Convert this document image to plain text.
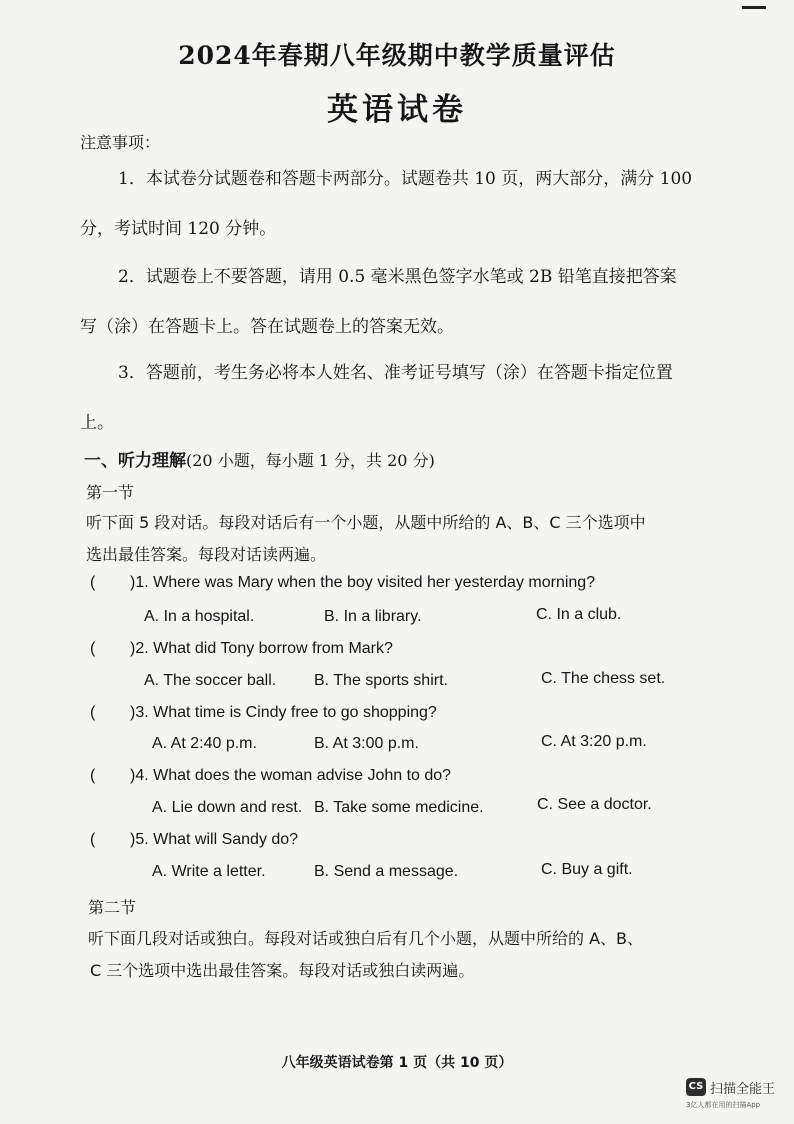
2024年春期八年级期中教学质量评估
英语试卷
注意事项：
1．本试卷分试题卷和答题卡两部分。试题卷共 10 页，两大部分，满分 100
分，考试时间 120 分钟。
2．试题卷上不要答题，请用 0.5 毫米黑色签字水笔或 2B 铅笔直接把答案
写（涂）在答题卡上。答在试题卷上的答案无效。
3．答题前，考生务必将本人姓名、准考证号填写（涂）在答题卡指定位置
上。
一、听力理解(20 小题，每小题 1 分，共 20 分)
第一节
听下面 5 段对话。每段对话后有一个小题，从题中所给的 A、B、C 三个选项中
选出最佳答案。每段对话读两遍。
( )1. Where was Mary when the boy visited her yesterday morning?
A. In a hospital.	B. In a library.	C. In a club.
( )2. What did Tony borrow from Mark?
A. The soccer ball. B. The sports shirt.	C. The chess set.
( )3. What time is Cindy free to go shopping?
A. At 2:40 p.m.	B. At 3:00 p.m.	C. At 3:20 p.m.
( )4. What does the woman advise John to do?
A. Lie down and rest. B. Take some medicine.	C. See a doctor.
( )5. What will Sandy do?
A. Write a letter.	B. Send a message.	C. Buy a gift.
第二节
听下面几段对话或独白。每段对话或独白后有几个小题，从题中所给的 A、B、
C 三个选项中选出最佳答案。每段对话或独白读两遍。
八年级英语试卷第 1 页（共 10 页）
CS 扫描全能王
3亿人都在用的扫描App
